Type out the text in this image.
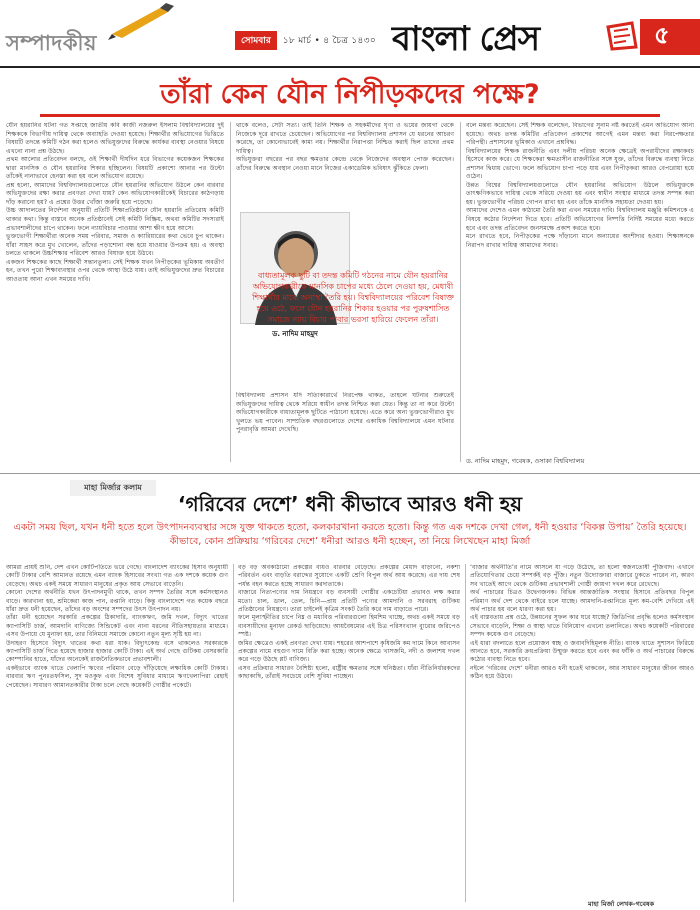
সম্পাদকীয়	সোমবার	১৮ মার্চ • ৪ চৈত্র ১৪৩০ বাংলা প্রেস	৫
তাঁরা কেন যৌন নিপীড়কদের পক্ষে?

যৌন হয়রানির ঘটনা গত সপ্তাহে জাতীয় কবি কাজী নজরুল ইসলাম বিশ্ববিদ্যালয়ের দুই শিক্ষককে বিভাগীয় দায়িত্ব থেকে অব্যাহতি দেওয়া হয়েছে। শিক্ষার্থীর অভিযোগের ভিত্তিতে বিষয়টি তদন্তে কমিটি গঠন করা হলেও অভিযুক্তদের বিরুদ্ধে কার্যকর ব্যবস্থা নেওয়ার বিষয়ে এখনো নানা প্রশ্ন উঠছে।

প্রথম আলোর প্রতিবেদন বলছে, ওই শিক্ষার্থী দীর্ঘদিন ধরে বিভাগের কয়েকজন শিক্ষকের দ্বারা মানসিক ও যৌন হয়রানির শিকার হচ্ছিলেন। বিষয়টি প্রকাশ্যে আনার পর উল্টো তাঁকেই নানাভাবে হেনস্তা করা হয় বলে অভিযোগ রয়েছে।

প্রশ্ন হলো, আমাদের বিশ্ববিদ্যালয়গুলোতে যৌন হয়রানির অভিযোগ উঠলে কেন বারবার অভিযুক্তদের রক্ষা করার প্রবণতা দেখা যায়? কেন অভিযোগকারীকেই বিচারের কাঠগড়ায় দাঁড় করানো হয়? এ প্রশ্নের উত্তর খোঁজা জরুরি হয়ে পড়েছে।

উচ্চ আদালতের নির্দেশনা অনুযায়ী প্রতিটি শিক্ষাপ্রতিষ্ঠানে যৌন হয়রানি প্রতিরোধ কমিটি থাকার কথা। কিন্তু বাস্তবে অনেক প্রতিষ্ঠানেই সেই কমিটি নিষ্ক্রিয়, অথবা কমিটির সদস্যরাই প্রভাবশালীদের চাপে থাকেন। ফলে ন্যায়বিচার পাওয়ার আশা ক্ষীণ হয়ে আসে।

ভুক্তভোগী শিক্ষার্থীরা অনেক সময় পরিবার, সমাজ ও ক্যারিয়ারের কথা ভেবে চুপ থাকেন। যাঁরা সাহস করে মুখ খোলেন, তাঁদের পড়াশোনা বন্ধ হয়ে যাওয়ার উপক্রম হয়। এ অবস্থা চলতে থাকলে উচ্চশিক্ষার পরিবেশ আরও বিষাক্ত হয়ে উঠবে।

একজন শিক্ষকের কাছে শিক্ষার্থী সন্তানতুল্য। সেই শিক্ষক যখন নিপীড়কের ভূমিকায় অবতীর্ণ হন, তখন পুরো শিক্ষাব্যবস্থার ওপর থেকে আস্থা উঠে যায়। তাই অভিযুক্তদের দ্রুত বিচারের আওতায় আনা এখন সময়ের দাবি।

থাকে বলেও, সেটা সত্য। তাই তিনি শিক্ষক ও সহকর্মীদের ঘৃণা ও ভয়ের জায়গা থেকে নিজেকে দূরে রাখতে চেয়েছেন। অভিযোগের পর বিশ্ববিদ্যালয় প্রশাসন যে ধরনের আচরণ করেছে, তা কোনোভাবেই কাম্য নয়। শিক্ষার্থীর নিরাপত্তা নিশ্চিত করাই ছিল তাদের প্রথম দায়িত্ব।

অভিযুক্তরা বছরের পর বছর ক্ষমতার কেন্দ্রে থেকে নিজেদের অবস্থান পোক্ত করেছেন। তাঁদের বিরুদ্ধে অবস্থান নেওয়া মানে নিজের একাডেমিক ভবিষ্যৎ ঝুঁকিতে ফেলা।

ড. নাদিম মাহমুদ
বাধ্যতামূলক ছুটি বা তদন্ত কমিটি গঠনের নামে যৌন হয়রানির অভিযোগকারীকে মানসিক চাপের মধ্যে ঠেলে দেওয়া হয়, মেধাবী শিক্ষার্থীর মাঝে অনাস্থা তৈরি হয়। বিশ্ববিদ্যালয়ের পরিবেশ বিষাক্ত হয়ে ওঠে, ফলে যৌন হয়রানির শিকার হওয়ার পর পুরুষশাসিত সমাজে ন্যায় বিচার পাবার ভরসা হারিয়ে ফেলেন তাঁরা।

বিশ্ববিদ্যালয় প্রশাসন যদি সত্যিকারার্থে নিরপেক্ষ থাকত, তাহলে ঘটনার শুরুতেই অভিযুক্তদের দায়িত্ব থেকে সরিয়ে স্বাধীন তদন্ত নিশ্চিত করা যেত। কিন্তু তা না করে উল্টো অভিযোগকারীকে বাধ্যতামূলক ছুটিতে পাঠানো হয়েছে। এতে করে অন্য ভুক্তভোগীরাও মুখ খুলতে ভয় পাবেন। সাম্প্রতিক বছরগুলোতে দেশের একাধিক বিশ্ববিদ্যালয়ে এমন ঘটনার পুনরাবৃত্তি আমরা দেখেছি।

বলে মন্তব্য করেছেন। সেই শিক্ষক বলেছেন, বিভাগের সুনাম নষ্ট করতেই এমন অভিযোগ আনা হয়েছে। অথচ তদন্ত কমিটির প্রতিবেদন প্রকাশের আগেই এমন মন্তব্য করা নিরপেক্ষতার পরিপন্থী। প্রশাসনের ভূমিকাও এখানে প্রশ্নবিদ্ধ।

বিশ্ববিদ্যালয়ের শিক্ষক রাজনীতি এবং দলীয় পরিচয় অনেক ক্ষেত্রেই অপরাধীদের রক্ষাকবচ হিসেবে কাজ করে। যে শিক্ষকেরা ক্ষমতাসীন রাজনীতির সঙ্গে যুক্ত, তাঁদের বিরুদ্ধে ব্যবস্থা নিতে প্রশাসন দ্বিধায় ভোগে। ফলে অভিযোগ চাপা পড়ে যায় এবং নিপীড়করা আরও বেপরোয়া হয়ে ওঠেন।

উন্নত বিশ্বের বিশ্ববিদ্যালয়গুলোতে যৌন হয়রানির অভিযোগ উঠলে অভিযুক্তকে তাৎক্ষণিকভাবে দায়িত্ব থেকে সরিয়ে দেওয়া হয় এবং স্বাধীন সংস্থার মাধ্যমে তদন্ত সম্পন্ন করা হয়। ভুক্তভোগীর পরিচয় গোপন রাখা হয় এবং তাঁকে মানসিক সহায়তা দেওয়া হয়।

আমাদের দেশেও এমন কাঠামো তৈরি করা এখন সময়ের দাবি। বিশ্ববিদ্যালয় মঞ্জুরি কমিশনকে এ বিষয়ে কঠোর নির্দেশনা দিতে হবে। প্রতিটি অভিযোগের নিষ্পত্তি নির্দিষ্ট সময়ের মধ্যে করতে হবে এবং তদন্ত প্রতিবেদন জনসমক্ষে প্রকাশ করতে হবে।

মনে রাখতে হবে, নিপীড়কের পক্ষে দাঁড়ানো মানে অন্যায়ের অংশীদার হওয়া। শিক্ষাঙ্গনকে নিরাপদ রাখার দায়িত্ব আমাদের সবার।

ড. নাদিম মাহমুদ, গবেষক, ওসাকা বিশ্ববিদ্যালয়
মাহা মির্জার কলাম
‘গরিবের দেশে’ ধনী কীভাবে আরও ধনী হয়
একটা সময় ছিল, যখন ধনী হতে হলে উৎপাদনব্যবস্থার সঙ্গে যুক্ত থাকতে হতো, কলকারখানা করতে হতো। কিন্তু গত এক দশকে দেখা গেল, ধনী হওয়ার ‘বিকল্প উপায়’ তৈরি হয়েছে। কীভাবে, কোন প্রক্রিয়ায় ‘গরিবের দেশে’ ধনীরা আরও ধনী হচ্ছেন, তা নিয়ে লিখেছেন মাহা মির্জা

আমরা প্রায়ই শুনি, দেশ এখন কোটিপতিতে ভরে গেছে। বাংলাদেশ ব্যাংকের হিসাব অনুযায়ী কোটি টাকার বেশি আমানত রয়েছে এমন ব্যাংক হিসাবের সংখ্যা গত এক দশকে কয়েক গুণ বেড়েছে। অথচ একই সময়ে সাধারণ মানুষের প্রকৃত আয় সেভাবে বাড়েনি।

কোনো দেশের অর্থনীতি যখন উৎপাদনমুখী থাকে, তখন সম্পদ তৈরির সঙ্গে কর্মসংস্থানও বাড়ে। কারখানা হয়, শ্রমিকেরা কাজ পান, রপ্তানি বাড়ে। কিন্তু বাংলাদেশে গত কয়েক বছরে যাঁরা দ্রুত ধনী হয়েছেন, তাঁদের বড় অংশের সম্পদের উৎস উৎপাদন নয়।

তাঁরা ধনী হয়েছেন সরকারি প্রকল্পের ঠিকাদারি, ব্যাংকঋণ, জমি দখল, বিদ্যুৎ খাতের ক্যাপাসিটি চার্জ, আমদানি বাণিজ্যে সিন্ডিকেট এবং নানা ধরনের নীতিসহায়তার মাধ্যমে। এসব উপায়ে যে মুনাফা হয়, তার বিনিময়ে সমাজে কোনো নতুন মূল্য সৃষ্টি হয় না।

উদাহরণ হিসেবে বিদ্যুৎ খাতের কথা ধরা যাক। বিদ্যুৎকেন্দ্র বসে থাকলেও সরকারকে ক্যাপাসিটি চার্জ দিতে হয়েছে হাজার হাজার কোটি টাকা। এই অর্থ গেছে গুটিকয় বেসরকারি কোম্পানির হাতে, যাঁদের অনেকেই রাজনৈতিকভাবে প্রভাবশালী।

একইভাবে ব্যাংক খাতে খেলাপি ঋণের পরিমাণ বেড়ে দাঁড়িয়েছে লক্ষাধিক কোটি টাকায়। বারবার ঋণ পুনঃতফসিল, সুদ মওকুফ এবং বিশেষ সুবিধার মাধ্যমে ঋণখেলাপিরা রেহাই পেয়েছেন। সাধারণ আমানতকারীর টাকা চলে গেছে কয়েকটি গোষ্ঠীর পকেটে।

বড় বড় অবকাঠামো প্রকল্পের ব্যয়ও বারবার বেড়েছে। প্রকল্পের মেয়াদ বাড়ানো, নকশা পরিবর্তন এবং বাড়তি বরাদ্দের সুযোগে একটি শ্রেণি বিপুল অর্থ আয় করেছে। এর দায় শেষ পর্যন্ত বহন করতে হচ্ছে সাধারণ করদাতাকে।

বাজারে নিত্যপণ্যের দাম নিয়ন্ত্রণে বড় ব্যবসায়ী গোষ্ঠীর একচেটিয়া প্রভাবও লক্ষ করার মতো। চাল, ডাল, তেল, চিনি—প্রায় প্রতিটি পণ্যের আমদানি ও সরবরাহ গুটিকয় প্রতিষ্ঠানের নিয়ন্ত্রণে। তারা চাইলেই কৃত্রিম সংকট তৈরি করে দাম বাড়াতে পারে।

ফলে মূল্যস্ফীতির চাপে নিম্ন ও মধ্যবিত্ত পরিবারগুলো হিমশিম খাচ্ছে, অথচ একই সময়ে বড় ব্যবসায়ীদের মুনাফা রেকর্ড ছাড়িয়েছে। আয়বৈষম্যের এই চিত্র পরিসংখ্যান ব্যুরোর জরিপেও স্পষ্ট।

জমির ক্ষেত্রেও একই প্রবণতা দেখা যায়। শহরের আশপাশে কৃষিজমি কম দামে কিনে আবাসন প্রকল্পের নামে বহুগুণ দামে বিক্রি করা হচ্ছে। অনেক ক্ষেত্রে খাসজমি, নদী ও জলাশয় দখল করে গড়ে উঠছে প্লট বাণিজ্য।

এসব প্রক্রিয়ার সাধারণ বৈশিষ্ট্য হলো, রাষ্ট্রীয় ক্ষমতার সঙ্গে ঘনিষ্ঠতা। যাঁরা নীতিনির্ধারকদের কাছাকাছি, তাঁরাই সবচেয়ে বেশি সুবিধা পাচ্ছেন।

‘বাজার অর্থনীতি’র নামে আসলে যা গড়ে উঠেছে, তা হলো স্বজনতোষী পুঁজিবাদ। এখানে প্রতিযোগিতার চেয়ে সম্পর্কই বড় পুঁজি। নতুন উদ্যোক্তারা বাজারে ঢুকতে পারেন না, কারণ সব খাতেই আগে থেকে গুটিকয় প্রভাবশালী গোষ্ঠী জায়গা দখল করে রেখেছে।

অর্থ পাচারের চিত্রও উদ্বেগজনক। বিভিন্ন আন্তর্জাতিক সংস্থার হিসাবে প্রতিবছর বিপুল পরিমাণ অর্থ দেশ থেকে বাইরে চলে যাচ্ছে। আমদানি-রপ্তানিতে মূল্য কম-বেশি দেখিয়ে এই অর্থ পাচার হয় বলে ধারণা করা হয়।

এই বাস্তবতায় প্রশ্ন ওঠে, উন্নয়নের সুফল কার ঘরে যাচ্ছে? জিডিপির প্রবৃদ্ধি হলেও কর্মসংস্থান সেভাবে বাড়েনি, শিক্ষা ও স্বাস্থ্য খাতে বিনিয়োগ এখনো তলানিতে। অথচ কয়েকটি পরিবারের সম্পদ কয়েক গুণ বেড়েছে।

এই ধারা বদলাতে হলে প্রয়োজন স্বচ্ছ ও জবাবদিহিমূলক নীতি। ব্যাংক খাতে সুশাসন ফিরিয়ে আনতে হবে, সরকারি ক্রয়প্রক্রিয়া উন্মুক্ত করতে হবে এবং কর ফাঁকি ও অর্থ পাচারের বিরুদ্ধে কঠোর ব্যবস্থা নিতে হবে।

নইলে ‘গরিবের দেশে’ ধনীরা আরও ধনী হতেই থাকবেন, আর সাধারণ মানুষের জীবন আরও কঠিন হয়ে উঠবে।

মাহা মির্জা লেখক-গবেষক
